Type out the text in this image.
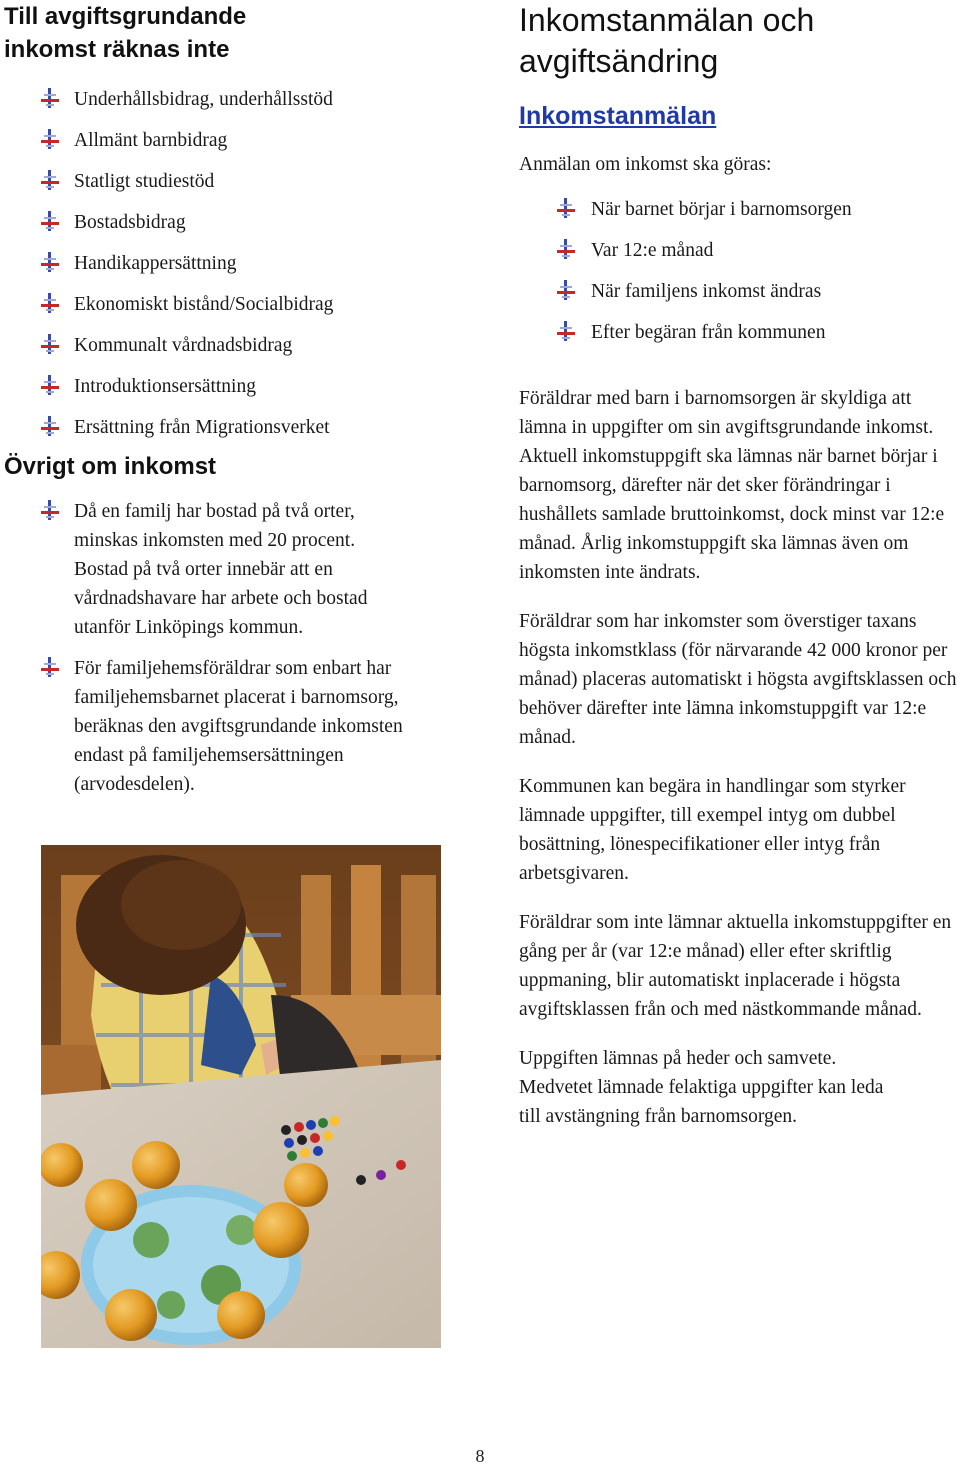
Till avgiftsgrundande inkomst räknas inte
Underhållsbidrag, underhållsstöd
Allmänt barnbidrag
Statligt studiestöd
Bostadsbidrag
Handikappersättning
Ekonomiskt bistånd/Socialbidrag
Kommunalt vårdnadsbidrag
Introduktionsersättning
Ersättning från Migrationsverket
Övrigt om inkomst
Då en familj har bostad på två orter, minskas inkomsten med 20 procent. Bostad på två orter innebär att en vårdnadshavare har arbete och bostad utanför Linköpings kommun.
För familjehemsföräldrar som enbart har familjehemsbarnet placerat i barnomsorg, beräknas den avgiftsgrundande inkomsten endast på familjehemsersättningen (arvodesdelen).
Inkomstanmälan och avgiftsändring
Inkomstanmälan

Anmälan om inkomst ska göras:

När barnet börjar i barnomsorgen
Var 12:e månad
När familjens inkomst ändras
Efter begäran från kommunen

Föräldrar med barn i barnomsorgen är skyldiga att lämna in uppgifter om sin avgiftsgrundande inkomst. Aktuell inkomstuppgift ska lämnas när barnet börjar i barnomsorg, därefter när det sker förändringar i hushållets samlade bruttoinkomst, dock minst var 12:e månad. Årlig inkomstuppgift ska lämnas även om inkomsten inte ändrats.

Föräldrar som har inkomster som överstiger taxans högsta inkomstklass (för närvarande 42 000 kronor per månad) placeras automatiskt i högsta avgiftsklassen och behöver därefter inte lämna inkomstuppgift var 12:e månad.

Kommunen kan begära in handlingar som styrker lämnade uppgifter, till exempel intyg om dubbel bosättning, lönespecifikationer eller intyg från arbetsgivaren.

Föräldrar som inte lämnar aktuella inkomstuppgifter en gång per år (var 12:e månad) eller efter skriftlig uppmaning, blir automatiskt inplacerade i högsta avgiftsklassen från och med nästkommande månad.

Uppgiften lämnas på heder och samvete. Medvetet lämnade felaktiga uppgifter kan leda till avstängning från barnomsorgen.

8
